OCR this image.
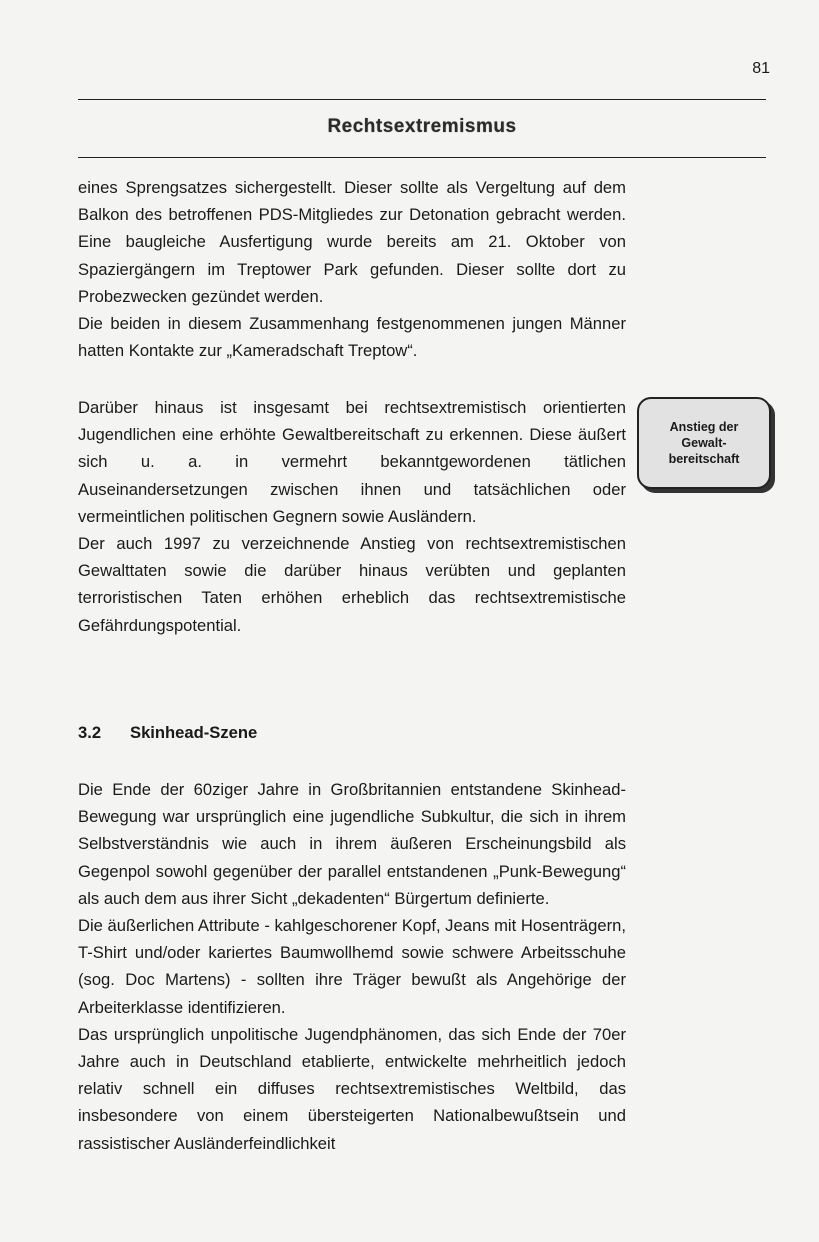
81
Rechtsextremismus

eines Sprengsatzes sichergestellt. Dieser sollte als Vergeltung auf dem Balkon des betroffenen PDS-Mitgliedes zur Detonation gebracht werden. Eine baugleiche Ausfertigung wurde bereits am 21. Oktober von Spaziergängern im Treptower Park gefunden. Dieser sollte dort zu Probezwecken gezündet werden.

Die beiden in diesem Zusammenhang festgenommenen jungen Männer hatten Kontakte zur „Kameradschaft Treptow“.

Darüber hinaus ist insgesamt bei rechtsextremistisch orientierten Jugendlichen eine erhöhte Gewaltbereitschaft zu erkennen. Diese äußert sich u. a. in vermehrt bekanntgewordenen tätlichen Auseinandersetzungen zwischen ihnen und tatsächlichen oder vermeintlichen politischen Gegnern sowie Ausländern.

Der auch 1997 zu verzeichnende Anstieg von rechtsextremistischen Gewalttaten sowie die darüber hinaus verübten und geplanten terroristischen Taten erhöhen erheblich das rechtsextremistische Gefährdungspotential.

Anstieg der
Gewalt-
bereitschaft
3.2 Skinhead-Szene

Die Ende der 60ziger Jahre in Großbritannien entstandene Skinhead-Bewegung war ursprünglich eine jugendliche Subkultur, die sich in ihrem Selbstverständnis wie auch in ihrem äußeren Erscheinungsbild als Gegenpol sowohl gegenüber der parallel entstandenen „Punk-Bewegung“ als auch dem aus ihrer Sicht „dekadenten“ Bürgertum definierte.

Die äußerlichen Attribute - kahlgeschorener Kopf, Jeans mit Hosenträgern, T-Shirt und/oder kariertes Baumwollhemd sowie schwere Arbeitsschuhe (sog. Doc Martens) - sollten ihre Träger bewußt als Angehörige der Arbeiterklasse identifizieren.

Das ursprünglich unpolitische Jugendphänomen, das sich Ende der 70er Jahre auch in Deutschland etablierte, entwickelte mehrheitlich jedoch relativ schnell ein diffuses rechtsextremistisches Weltbild, das insbesondere von einem übersteigerten Nationalbewußtsein und rassistischer Ausländerfeindlichkeit
